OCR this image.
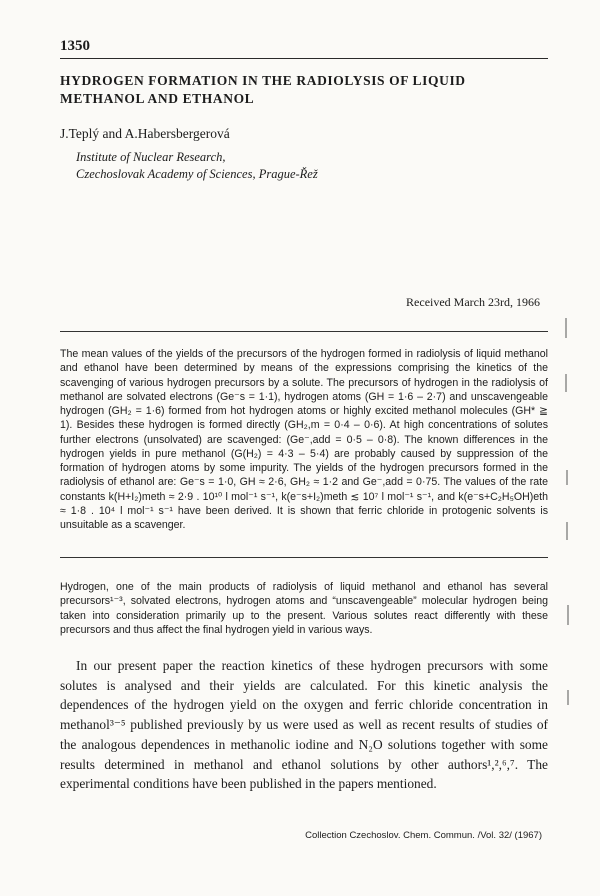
1350
HYDROGEN FORMATION IN THE RADIOLYSIS OF LIQUID METHANOL AND ETHANOL

J.Teplý and A.Habersbergerová

Institute of Nuclear Research,
Czechoslovak Academy of Sciences, Prague-Řež

Received March 23rd, 1966

The mean values of the yields of the precursors of the hydrogen formed in radiolysis of liquid methanol and ethanol have been determined by means of the expressions comprising the kinetics of the scavenging of various hydrogen precursors by a solute. The precursors of hydrogen in the radiolysis of methanol are solvated electrons (Ge⁻s = 1·1), hydrogen atoms (GH = 1·6 – 2·7) and unscavengeable hydrogen (GH₂ = 1·6) formed from hot hydrogen atoms or highly excited methanol molecules (GH* ≧ 1). Besides these hydrogen is formed directly (GH₂,m = 0·4 – 0·6). At high concentrations of solutes further electrons (unsolvated) are scavenged: (Ge⁻,add = 0·5 – 0·8). The known differences in the hydrogen yields in pure methanol (G(H₂) = 4·3 – 5·4) are probably caused by suppression of the formation of hydrogen atoms by some impurity. The yields of the hydrogen precursors formed in the radiolysis of ethanol are: Ge⁻s = 1·0, GH ≈ 2·6, GH₂ ≈ 1·2 and Ge⁻,add = 0·75. The values of the rate constants k(H+I₂)meth ≈ 2·9 . 10¹⁰ l mol⁻¹ s⁻¹, k(e⁻s+I₂)meth ≲ 10⁷ l mol⁻¹ s⁻¹, and k(e⁻s+C₂H₅OH)eth ≈ 1·8 . 10⁴ l mol⁻¹ s⁻¹ have been derived. It is shown that ferric chloride in protogenic solvents is unsuitable as a scavenger.

Hydrogen, one of the main products of radiolysis of liquid methanol and ethanol has several precursors¹⁻³, solvated electrons, hydrogen atoms and “unscavengeable” molecular hydrogen being taken into consideration primarily up to the present. Various solutes react differently with these precursors and thus affect the final hydrogen yield in various ways.

In our present paper the reaction kinetics of these hydrogen precursors with some solutes is analysed and their yields are calculated. For this kinetic analysis the dependences of the hydrogen yield on the oxygen and ferric chloride concentration in methanol³⁻⁵ published previously by us were used as well as recent results of studies of the analogous dependences in methanolic iodine and N₂O solutions together with some results determined in methanol and ethanol solutions by other authors¹,²,⁶,⁷. The experimental conditions have been published in the papers mentioned.

Collection Czechoslov. Chem. Commun. /Vol. 32/ (1967)
